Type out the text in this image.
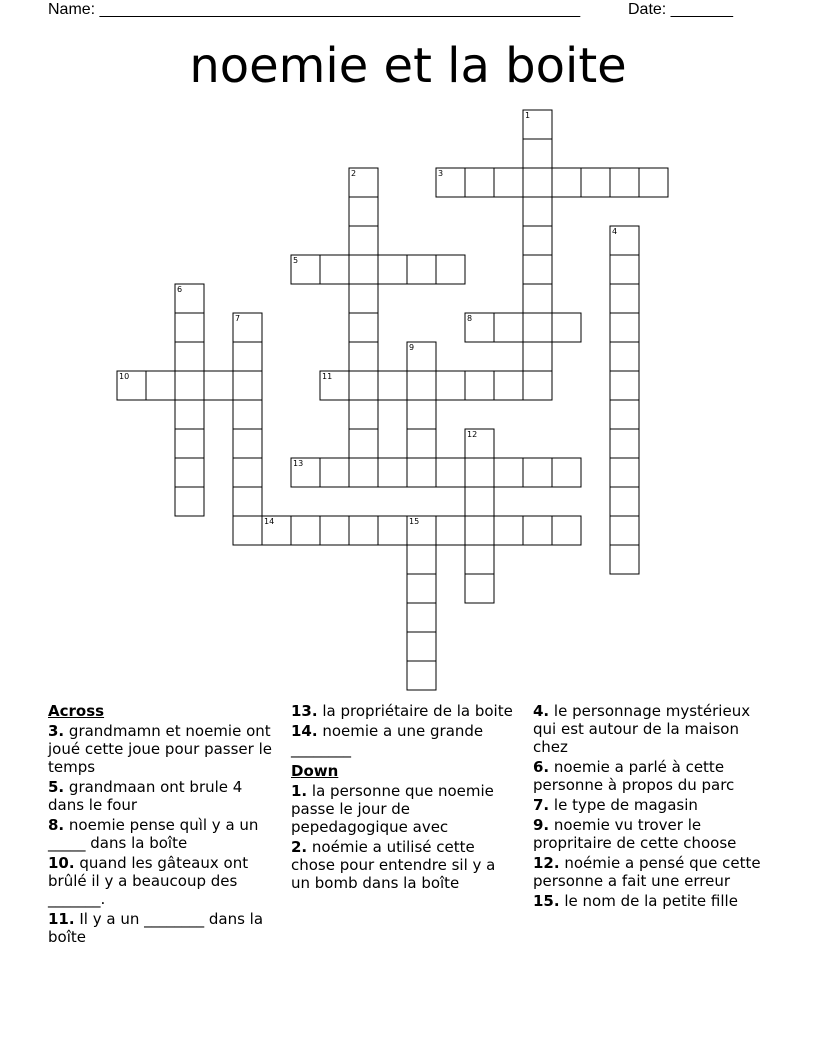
Name: ______________________________________________________	Date: _______
noemie et la boite
1
2	3
4
5
6
7	8
9
10	11
12
13
14	15
Across
3. grandmamn et noemie ont joué cette joue pour passer le temps
5. grandmaan ont brule 4 dans le four
8. noemie pense quìl y a un _____ dans la boîte
10. quand les gâteaux ont brûlé il y a beaucoup des _______.
11. Il y a un ________ dans la boîte
13. la propriétaire de la boite
14. noemie a une grande ________
Down
1. la personne que noemie passe le jour de pepedagogique avec
2. noémie a utilisé cette chose pour entendre sil y a un bomb dans la boîte
4. le personnage mystérieux qui est autour de la maison chez
6. noemie a parlé à cette personne à propos du parc
7. le type de magasin
9. noemie vu trover le propritaire de cette choose
12. noémie a pensé que cette personne a fait une erreur
15. le nom de la petite fille
